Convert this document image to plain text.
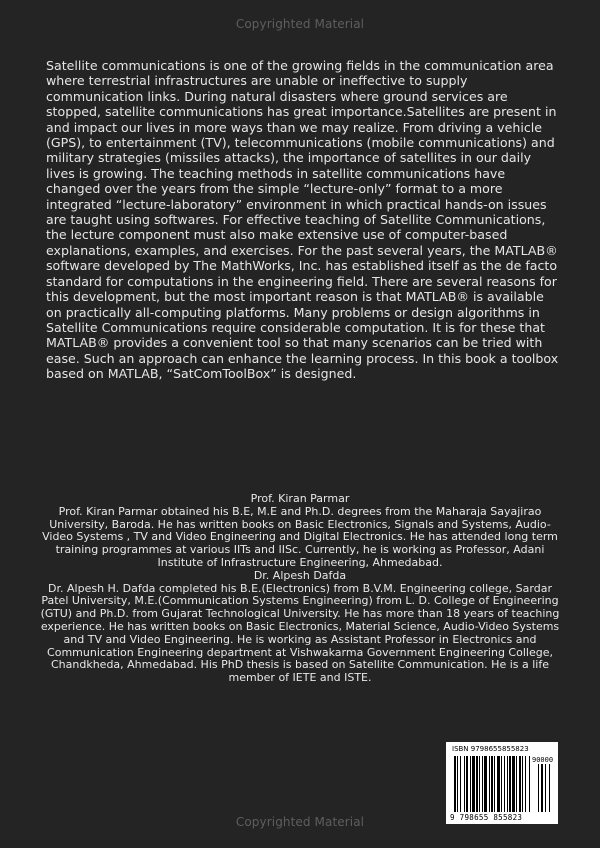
Copyrighted Material

Satellite communications is one of the growing fields in the communication area where terrestrial infrastructures are unable or ineffective to supply communication links. During natural disasters where ground services are stopped, satellite communications has great importance.Satellites are present in and impact our lives in more ways than we may realize. From driving a vehicle (GPS), to entertainment (TV), telecommunications (mobile communications) and military strategies (missiles attacks), the importance of satellites in our daily lives is growing. The teaching methods in satellite communications have changed over the years from the simple “lecture-only” format to a more integrated “lecture-laboratory” environment in which practical hands-on issues are taught using softwares. For effective teaching of Satellite Communications, the lecture component must also make extensive use of computer-based explanations, examples, and exercises. For the past several years, the MATLAB® software developed by The MathWorks, Inc. has established itself as the de facto standard for computations in the engineering field. There are several reasons for this development, but the most important reason is that MATLAB® is available on practically all-computing platforms. Many problems or design algorithms in Satellite Communications require considerable computation. It is for these that MATLAB® provides a convenient tool so that many scenarios can be tried with ease. Such an approach can enhance the learning process. In this book a toolbox based on MATLAB, “SatComToolBox” is designed.

Prof. Kiran Parmar

Prof. Kiran Parmar obtained his B.E, M.E and Ph.D. degrees from the Maharaja Sayajirao University, Baroda. He has written books on Basic Electronics, Signals and Systems, Audio-Video Systems , TV and Video Engineering and Digital Electronics. He has attended long term training programmes at various IITs and IISc. Currently, he is working as Professor, Adani Institute of Infrastructure Engineering, Ahmedabad.

Dr. Alpesh Dafda

Dr. Alpesh H. Dafda completed his B.E.(Electronics) from B.V.M. Engineering college, Sardar Patel University, M.E.(Communication Systems Engineering) from L. D. College of Engineering (GTU) and Ph.D. from Gujarat Technological University. He has more than 18 years of teaching experience. He has written books on Basic Electronics, Material Science, Audio-Video Systems and TV and Video Engineering. He is working as Assistant Professor in Electronics and Communication Engineering department at Vishwakarma Government Engineering College, Chandkheda, Ahmedabad. His PhD thesis is based on Satellite Communication. He is a life member of IETE and ISTE.

ISBN 9798655855823
90000
9 798655 855823
Copyrighted Material
